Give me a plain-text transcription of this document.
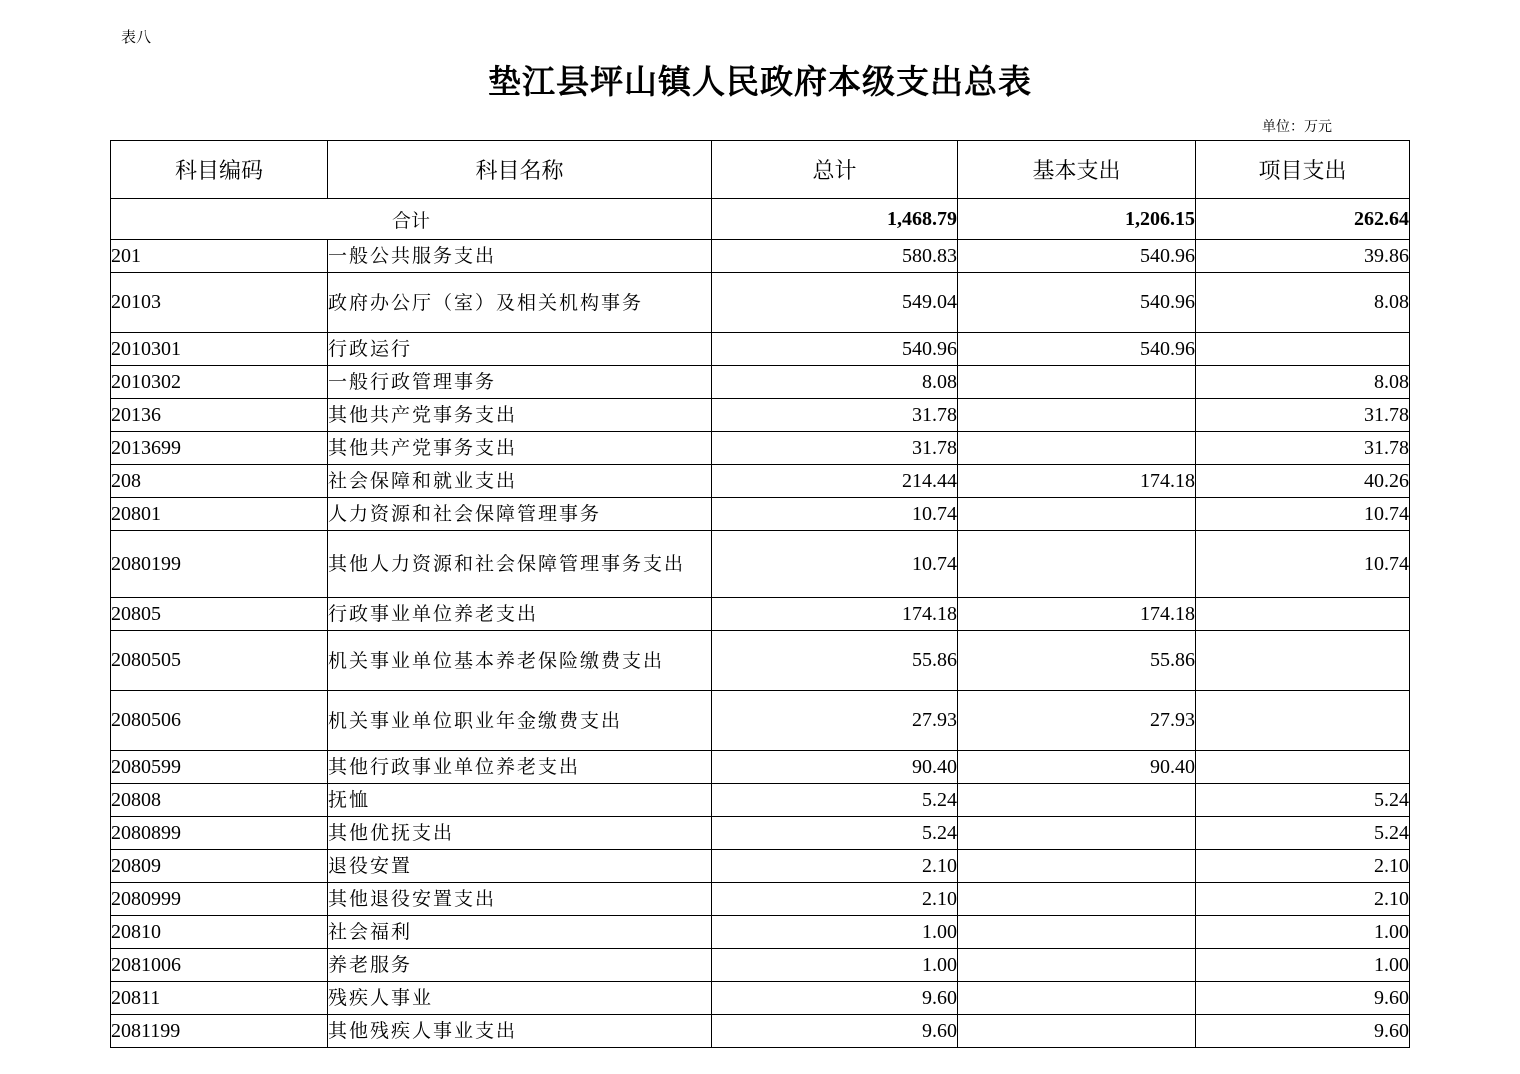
表八
垫江县坪山镇人民政府本级支出总表
单位：万元
科目编码	科目名称	总计	基本支出	项目支出
合计		1,468.79	1,206.15	262.64
201	一般公共服务支出	580.83	540.96	39.86
20103	政府办公厅（室）及相关机构事务	549.04	540.96	8.08
2010301	行政运行	540.96	540.96	
2010302	一般行政管理事务	8.08		8.08
20136	其他共产党事务支出	31.78		31.78
2013699	其他共产党事务支出	31.78		31.78
208	社会保障和就业支出	214.44	174.18	40.26
20801	人力资源和社会保障管理事务	10.74		10.74
2080199	其他人力资源和社会保障管理事务支出	10.74		10.74
20805	行政事业单位养老支出	174.18	174.18	
2080505	机关事业单位基本养老保险缴费支出	55.86	55.86	
2080506	机关事业单位职业年金缴费支出	27.93	27.93	
2080599	其他行政事业单位养老支出	90.40	90.40	
20808	抚恤	5.24		5.24
2080899	其他优抚支出	5.24		5.24
20809	退役安置	2.10		2.10
2080999	其他退役安置支出	2.10		2.10
20810	社会福利	1.00		1.00
2081006	养老服务	1.00		1.00
20811	残疾人事业	9.60		9.60
2081199	其他残疾人事业支出	9.60		9.60
